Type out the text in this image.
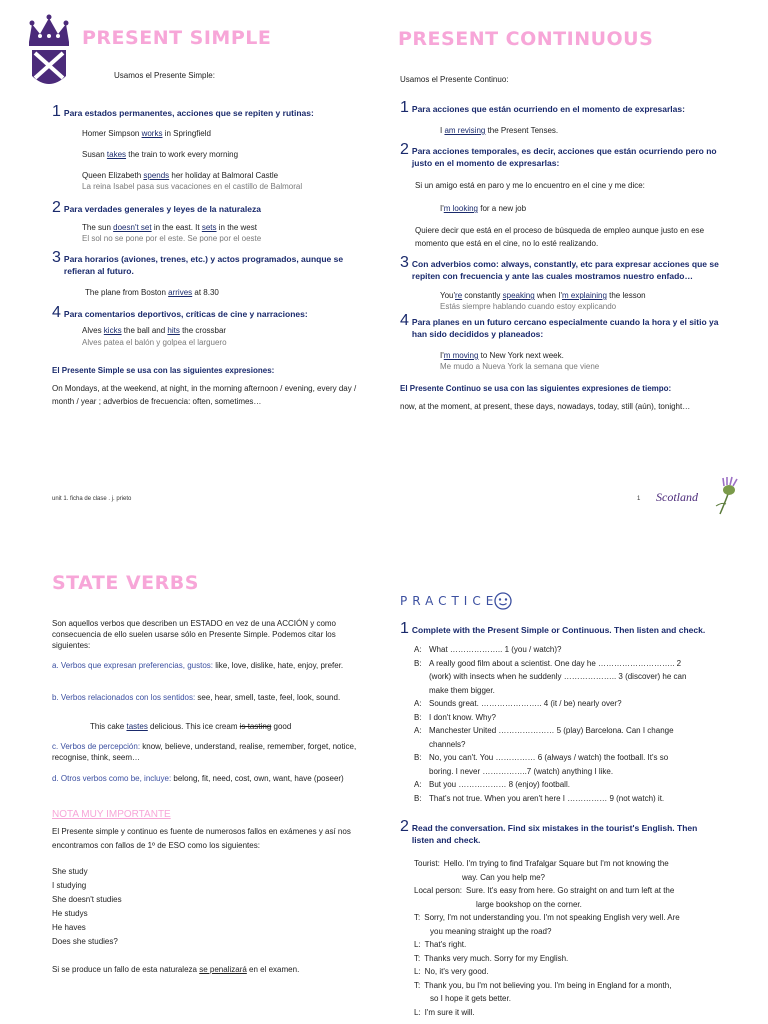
PRESENT SIMPLE
Usamos el Presente Simple:
1 Para estados permanentes, acciones que se repiten y rutinas:
Homer Simpson works in Springfield
Susan takes the train to work every morning
Queen Elizabeth spends her holiday at Balmoral Castle
La reina Isabel pasa sus vacaciones en el castillo de Balmoral
2 Para verdades generales y leyes de la naturaleza
The sun doesn't set in the east. It sets in the west
El sol no se pone por el este. Se pone por el oeste
3 Para horarios (aviones, trenes, etc.) y actos programados, aunque se refieran al futuro.
The plane from Boston arrives at 8.30
4 Para comentarios deportivos, críticas de cine y narraciones:
Alves kicks the ball and hits the crossbar
Alves patea el balón y golpea el larguero
El Presente Simple se usa con las siguientes expresiones:
On Mondays, at the weekend, at night, in the morning afternoon / evening, every day / month / year ; adverbios de frecuencia: often, sometimes…
PRESENT CONTINUOUS
Usamos el Presente Continuo:
1 Para acciones que están ocurriendo en el momento de expresarlas:
I am revising the Present Tenses.
2 Para acciones temporales, es decir, acciones que están ocurriendo pero no justo en el momento de expresarlas:
Si un amigo está en paro y me lo encuentro en el cine y me dice:
I'm looking for a new job
Quiere decir que está en el proceso de búsqueda de empleo aunque justo en ese momento que está en el cine, no lo esté realizando.
3 Con adverbios como: always, constantly, etc para expresar acciones que se repiten con frecuencia y ante las cuales mostramos nuestro enfado…
You're constantly speaking when I'm explaining the lesson
Estás siempre hablando cuando estoy explicando
4 Para planes en un futuro cercano especialmente cuando la hora y el sitio ya han sido decididos y planeados:
I'm moving to New York next week.
Me mudo a Nueva York la semana que viene
El Presente Continuo se usa con las siguientes expresiones de tiempo:
now, at the moment, at present, these days, nowadays, today, still (aún), tonight…
unit 1. ficha de clase . j. prieto	1 Scotland
STATE VERBS
Son aquellos verbos que describen un ESTADO en vez de una ACCIÓN y como consecuencia de ello suelen usarse sólo en Presente Simple. Podemos citar los siguientes:
a. Verbos que expresan preferencias, gustos: like, love, dislike, hate, enjoy, prefer.
b. Verbos relacionados con los sentidos: see, hear, smell, taste, feel, look, sound.
This cake tastes delicious. This ice cream is tasting good
c. Verbos de percepción: know, believe, understand, realise, remember, forget, notice, recognise, think, seem…
d. Otros verbos como be, incluye: belong, fit, need, cost, own, want, have (poseer)
NOTA MUY IMPORTANTE
El Presente simple y continuo es fuente de numerosos fallos en exámenes y así nos encontramos con fallos de 1º de ESO como los siguientes:
She study
I studying
She doesn't studies
He studys
He haves
Does she studies?
Si se produce un fallo de esta naturaleza se penalizará en el examen.
PRACTICE
1 Complete with the Present Simple or Continuous. Then listen and check.
A: What ……………….. 1 (you / watch)?
B: A really good film about a scientist. One day he ……………………….. 2
(work) with insects when he suddenly ……………….. 3 (discover) he can
make them bigger.
A: Sounds great. ………………….. 4 (it / be) nearly over?
B: I don't know. Why?
A: Manchester United ………………… 5 (play) Barcelona. Can I change
channels?
B: No, you can't. You …………… 6 (always / watch) the football. It's so
boring. I never ……………..7 (watch) anything I like.
A: But you ……………… 8 (enjoy) football.
B: That's not true. When you aren't here I …………… 9 (not watch) it.
2 Read the conversation. Find six mistakes in the tourist's English. Then listen and check.
Tourist: Hello. I'm trying to find Trafalgar Square but I'm not knowing the
way. Can you help me?
Local person: Sure. It's easy from here. Go straight on and turn left at the
large bookshop on the corner.
T: Sorry, I'm not understanding you. I'm not speaking English very well. Are
you meaning straight up the road?
L: That's right.
T: Thanks very much. Sorry for my English.
L: No, it's very good.
T: Thank you, bu I'm not believing you. I'm being in England for a month,
so I hope it gets better.
L: I'm sure it will.
